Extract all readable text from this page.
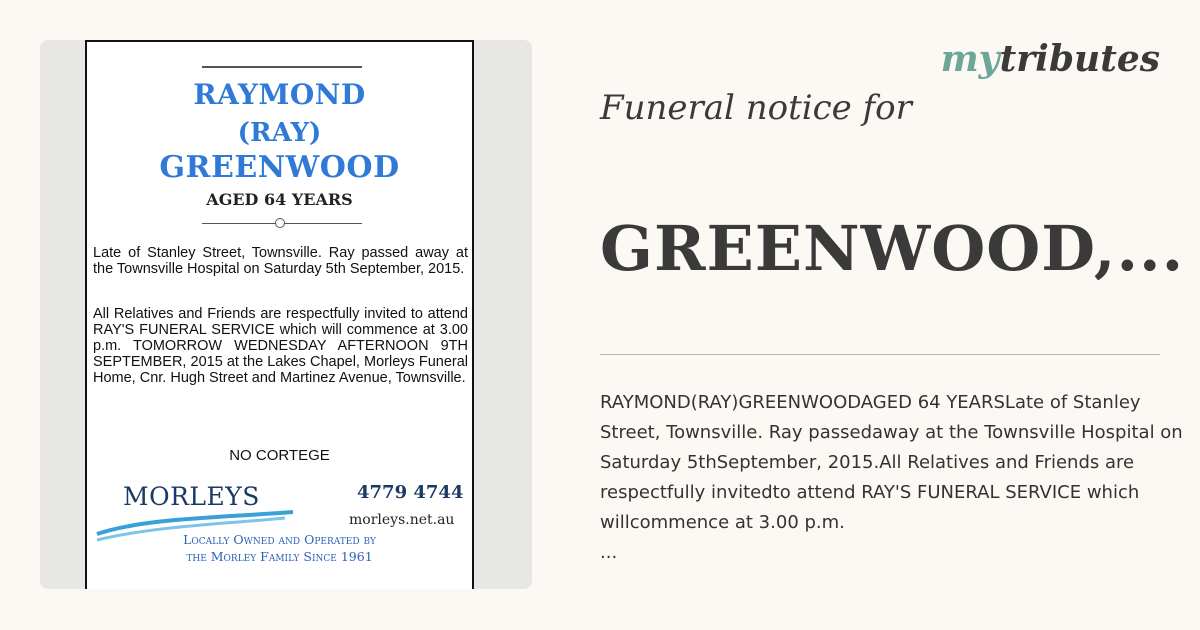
RAYMOND
(RAY)
GREENWOOD
AGED 64 YEARS
Late of Stanley Street, Townsville. Ray passed away at the Townsville Hospital on Saturday 5th September, 2015.
All Relatives and Friends are respectfully invited to attend RAY'S FUNERAL SERVICE which will commence at 3.00 p.m. TOMORROW WEDNESDAY AFTERNOON 9TH SEPTEMBER, 2015 at the Lakes Chapel, Morleys Funeral Home, Cnr. Hugh Street and Martinez Avenue, Townsville.
NO CORTEGE
MORLEYS	4779 4744
morleys.net.au
Locally Owned and Operated by
the Morley Family Since 1961
mytributes
Funeral notice for
GREENWOOD,...
RAYMOND(RAY)GREENWOODAGED 64 YEARSLate of Stanley Street, Townsville. Ray passedaway at the Townsville Hospital on Saturday 5thSeptember, 2015.All Relatives and Friends are respectfully invitedto attend RAY'S FUNERAL SERVICE which willcommence at 3.00 p.m.
...
